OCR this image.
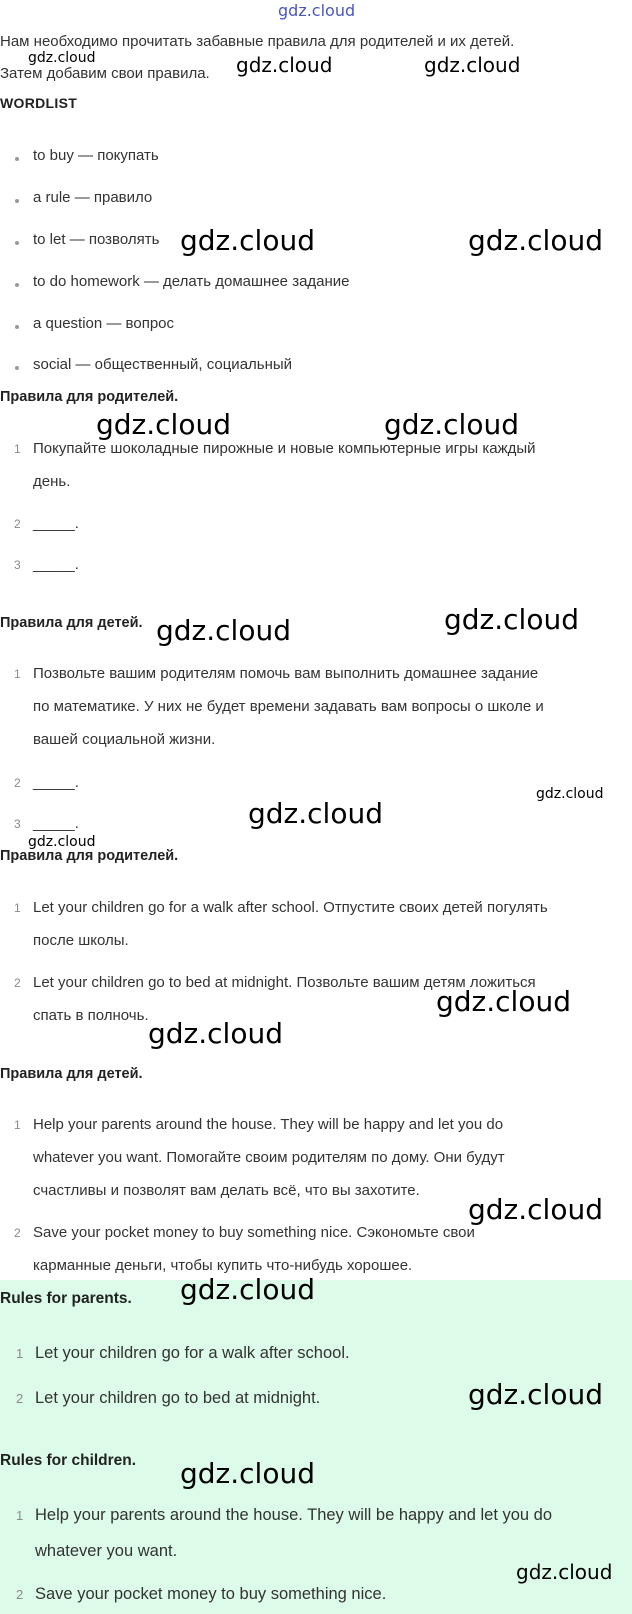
gdz.cloud
Нам необходимо прочитать забавные правила для родителей и их детей.
Затем добавим свои правила.
gdz.cloud	gdz.cloud	gdz.cloud
WORDLIST
to buy — покупать
a rule — правило
to let — позволять
to do homework — делать домашнее задание
a question — вопрос
social — общественный, социальный
gdz.cloud	gdz.cloud
Правила для родителей.
1 Покупайте шоколадные пирожные и новые компьютерные игры каждый
день.
2 _____.
3 _____.
gdz.cloud	gdz.cloud
Правила для детей.
1 Позвольте вашим родителям помочь вам выполнить домашнее задание
по математике. У них не будет времени задавать вам вопросы о школе и
вашей социальной жизни.
2 _____.
3 _____.
gdz.cloud	gdz.cloud
gdz.cloud
gdz.cloud
gdz.cloud
Правила для родителей.
1 Let your children go for a walk after school. Отпустите своих детей погулять
после школы.
2 Let your children go to bed at midnight. Позвольте вашим детям ложиться
спать в полночь.	gdz.cloud
gdz.cloud
Правила для детей.
1 Help your parents around the house. They will be happy and let you do
whatever you want. Помогайте своим родителям по дому. Они будут
счастливы и позволят вам делать всё, что вы захотите.
2 Save your pocket money to buy something nice. Сэкономьте свои
карманные деньги, чтобы купить что-нибудь хорошее.
gdz.cloud
Rules for parents.
1 Let your children go for a walk after school.
2 Let your children go to bed at midnight.
Rules for children.
1 Help your parents around the house. They will be happy and let you do
whatever you want.
2 Save your pocket money to buy something nice.
gdz.cloud
gdz.cloud
gdz.cloud
gdz.cloud
